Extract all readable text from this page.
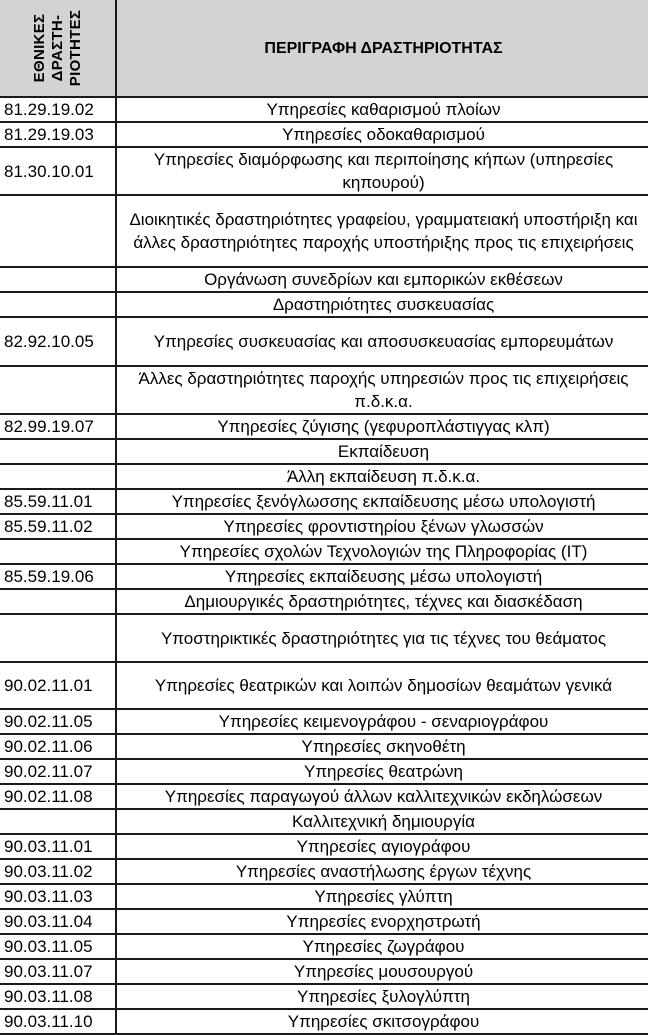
ΕΘΝΙΚΕΣ ΔΡΑΣΤΗ- ΡΙΟΤΗΤΕΣ	ΠΕΡΙΓΡΑΦΗ ΔΡΑΣΤΗΡΙΟΤΗΤΑΣ
81.29.19.02	Υπηρεσίες καθαρισμού πλοίων
81.29.19.03	Υπηρεσίες οδοκαθαρισμού
81.30.10.01	Υπηρεσίες διαμόρφωσης και περιποίησης κήπων (υπηρεσίες κηπουρού)
	Διοικητικές δραστηριότητες γραφείου, γραμματειακή υποστήριξη και άλλες δραστηριότητες παροχής υποστήριξης προς τις επιχειρήσεις
	Οργάνωση συνεδρίων και εμπορικών εκθέσεων
	Δραστηριότητες συσκευασίας
82.92.10.05	Υπηρεσίες συσκευασίας και αποσυσκευασίας εμπορευμάτων
	Άλλες δραστηριότητες παροχής υπηρεσιών προς τις επιχειρήσεις π.δ.κ.α.
82.99.19.07	Υπηρεσίες ζύγισης (γεφυροπλάστιγγας κλπ)
	Εκπαίδευση
	Άλλη εκπαίδευση π.δ.κ.α.
85.59.11.01	Υπηρεσίες ξενόγλωσσης εκπαίδευσης μέσω υπολογιστή
85.59.11.02	Υπηρεσίες φροντιστηρίου ξένων γλωσσών
	Υπηρεσίες σχολών Τεχνολογιών της Πληροφορίας (IT)
85.59.19.06	Υπηρεσίες εκπαίδευσης μέσω υπολογιστή
	Δημιουργικές δραστηριότητες, τέχνες και διασκέδαση
	Υποστηρικτικές δραστηριότητες για τις τέχνες του θεάματος
90.02.11.01	Υπηρεσίες θεατρικών και λοιπών δημοσίων θεαμάτων γενικά
90.02.11.05	Υπηρεσίες κειμενογράφου - σεναριογράφου
90.02.11.06	Υπηρεσίες σκηνοθέτη
90.02.11.07	Υπηρεσίες θεατρώνη
90.02.11.08	Υπηρεσίες παραγωγού άλλων καλλιτεχνικών εκδηλώσεων
	Καλλιτεχνική δημιουργία
90.03.11.01	Υπηρεσίες αγιογράφου
90.03.11.02	Υπηρεσίες αναστήλωσης έργων τέχνης
90.03.11.03	Υπηρεσίες γλύπτη
90.03.11.04	Υπηρεσίες ενορχηστρωτή
90.03.11.05	Υπηρεσίες ζωγράφου
90.03.11.07	Υπηρεσίες μουσουργού
90.03.11.08	Υπηρεσίες ξυλογλύπτη
90.03.11.10	Υπηρεσίες σκιτσογράφου
